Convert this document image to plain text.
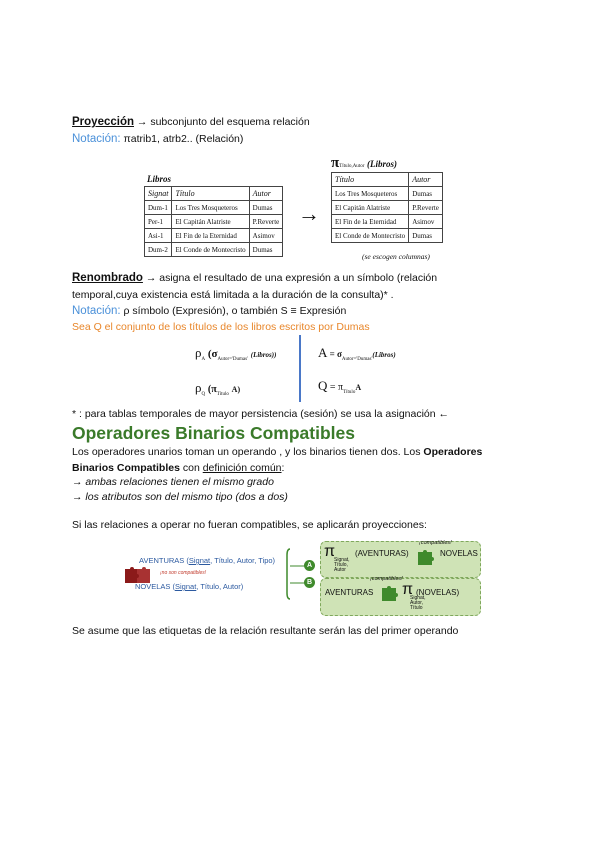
Proyección → subconjunto del esquema relación
Notación: πatrib1, atrb2.. (Relación)
Libros
Signat	Título	Autor
Dum-1	Los Tres Mosqueteros	Dumas
Per-1	El Capitán Alatriste	P.Reverte
Asi-1	El Fin de la Eternidad	Asimov
Dum-2	El Conde de Montecristo	Dumas
→
πTítulo,Autor (Libros)
Título	Autor
Los Tres Mosqueteros	Dumas
El Capitán Alatriste	P.Reverte
El Fin de la Eternidad	Asimov
El Conde de Montecristo	Dumas
(se escogen columnas)
Renombrado → asigna el resultado de una expresión a un símbolo (relación
temporal,cuya existencia está limitada a la duración de la consulta)* .
Notación: ρ símbolo (Expresión), o también S ≡ Expresión
Sea Q el conjunto de los títulos de los libros escritos por Dumas
$\rho_A$ ($\sigma_{Autor='Dumas'}$ (Libros))
$\rho_Q$ ($\pi_{Título}$ A)
$A = \sigma_{Autor='Dumas'}(Libros)$
$Q = \pi_{Título}A$
* : para tablas temporales de mayor persistencia (sesión) se usa la asignación ←
Operadores Binarios Compatibles
Los operadores unarios toman un operando , y los binarios tienen dos. Los Operadores
Binarios Compatibles con definición común:
→ ambas relaciones tienen el mismo grado
→ los atributos son del mismo tipo (dos a dos)
Si las relaciones a operar no fueran compatibles, se aplicarán proyecciones:
AVENTURAS (Signat, Título, Autor, Tipo)
¡no son compatibles!
NOVELAS (Signat, Título, Autor)
A
B
π
Signat, Título, Autor
(AVENTURAS)
¡compatibles!
NOVELAS
AVENTURAS
¡compatibles!
π (NOVELAS)
Signat, Autor, Título
Se asume que las etiquetas de la relación resultante serán las del primer operando
